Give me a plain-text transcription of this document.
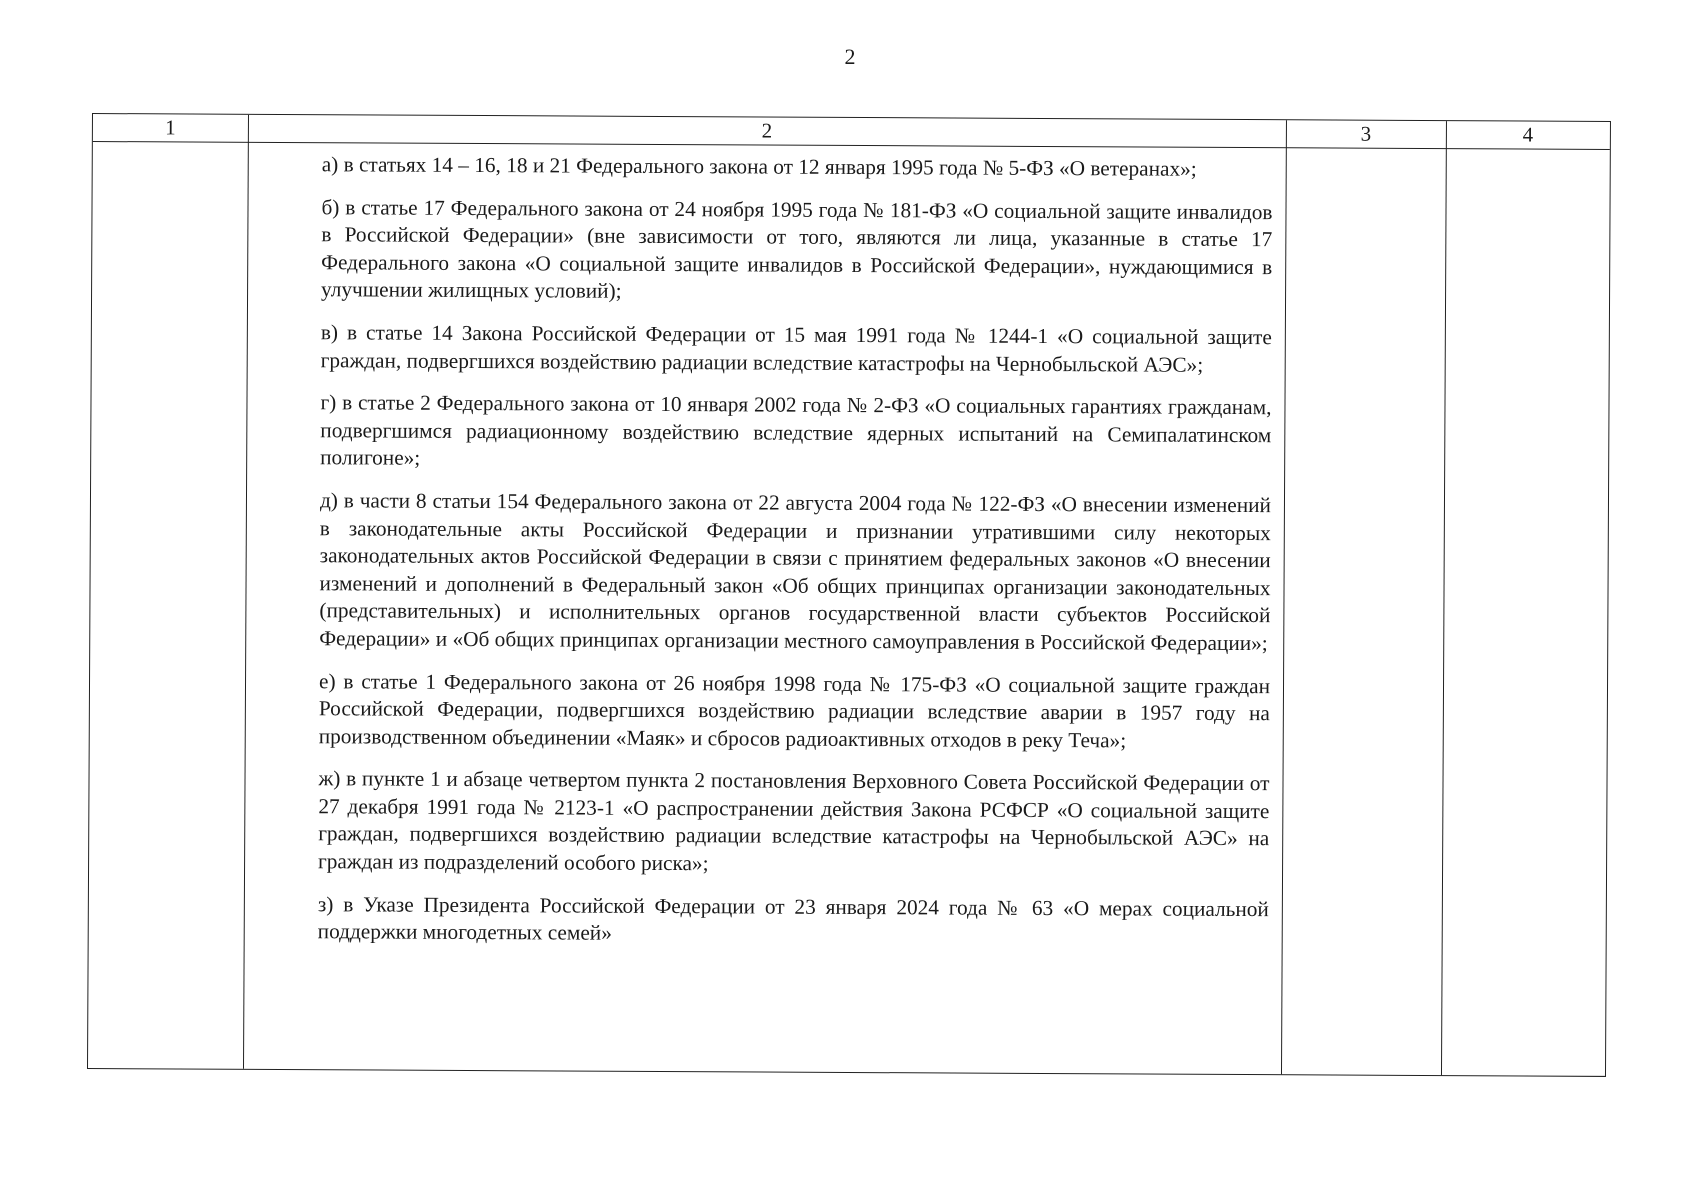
2
1	2	3	4

а) в статьях 14 – 16, 18 и 21 Федерального закона от 12 января 1995 года № 5-ФЗ «О ветеранах»;

б) в статье 17 Федерального закона от 24 ноября 1995 года № 181-ФЗ «О социальной защите инвалидов в Российской Федерации» (вне зависимости от того, являются ли лица, указанные в статье 17 Федерального закона «О социальной защите инвалидов в Российской Федерации», нуждающимися в улучшении жилищных условий);

в) в статье 14 Закона Российской Федерации от 15 мая 1991 года № 1244-1 «О социальной защите граждан, подвергшихся воздействию радиации вследствие катастрофы на Чернобыльской АЭС»;

г) в статье 2 Федерального закона от 10 января 2002 года № 2-ФЗ «О социальных гарантиях гражданам, подвергшимся радиационному воздействию вследствие ядерных испытаний на Семипалатинском полигоне»;

д) в части 8 статьи 154 Федерального закона от 22 августа 2004 года № 122-ФЗ «О внесении изменений в законодательные акты Российской Федерации и признании утратившими силу некоторых законодательных актов Российской Федерации в связи с принятием федеральных законов «О внесении изменений и дополнений в Федеральный закон «Об общих принципах организации законодательных (представительных) и исполнительных органов государственной власти субъектов Российской Федерации» и «Об общих принципах организации местного самоуправления в Российской Федерации»;

е) в статье 1 Федерального закона от 26 ноября 1998 года № 175-ФЗ «О социальной защите граждан Российской Федерации, подвергшихся воздействию радиации вследствие аварии в 1957 году на производственном объединении «Маяк» и сбросов радиоактивных отходов в реку Теча»;

ж) в пункте 1 и абзаце четвертом пункта 2 постановления Верховного Совета Российской Федерации от 27 декабря 1991 года № 2123-1 «О распространении действия Закона РСФСР «О социальной защите граждан, подвергшихся воздействию радиации вследствие катастрофы на Чернобыльской АЭС» на граждан из подразделений особого риска»;

з) в Указе Президента Российской Федерации от 23 января 2024 года № 63 «О мерах социальной поддержки многодетных семей»
